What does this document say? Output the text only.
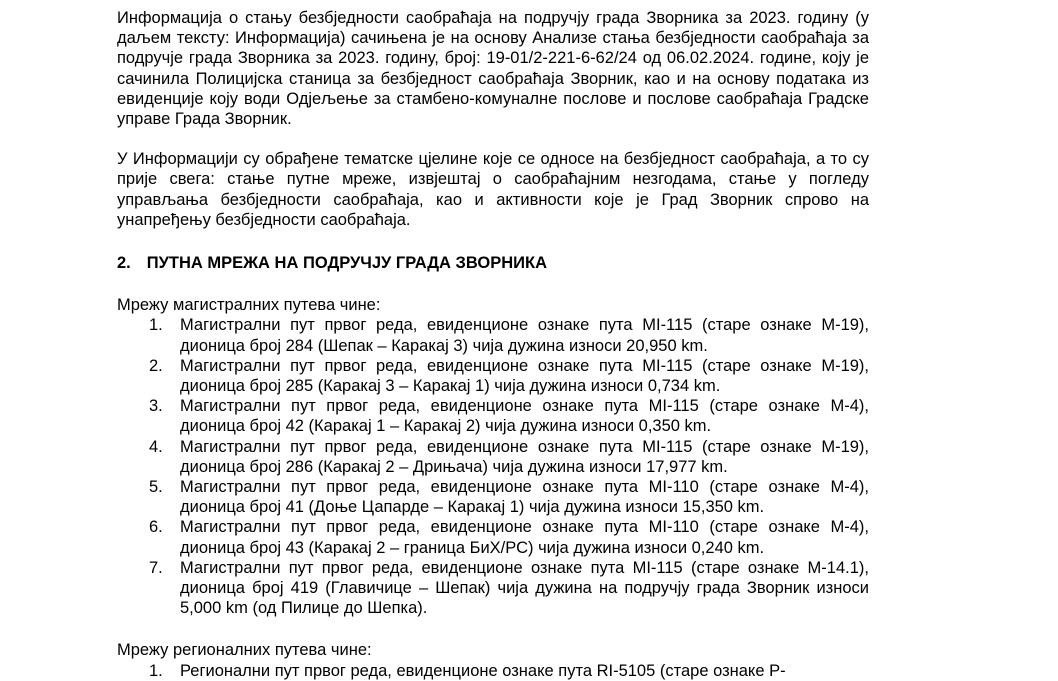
Информација о стању безбједности саобраћаја на подручју града Зворника за 2023. годину (у даљем тексту: Информација) сачињена је на основу Анализе стања безбједности саобраћаја за подручје града Зворника за 2023. годину, број: 19-01/2-221-6-62/24 од 06.02.2024. године, коју је сачинила Полицијска станица за безбједност саобраћаја Зворник, као и на основу података из евиденције коју води Одјељење за стамбено-комуналне послове и послове саобраћаја Градске управе Града Зворник.

У Информацији су обрађене тематске цјелине које се односе на безбједност саобраћаја, а то су прије свега: стање путне мреже, извјештај о саобраћајним незгодама, стање у погледу управљања безбједности саобраћаја, као и активности које је Град Зворник спрово на унапређењу безбједности саобраћаја.

2. ПУТНА МРЕЖА НА ПОДРУЧЈУ ГРАДА ЗВОРНИКА

Мрежу магистралних путева чине:

1.	Магистрални пут првог реда, евиденционе ознаке пута MI-115 (старе ознаке М-19), дионица број 284 (Шепак – Каракај 3) чија дужина износи 20,950 km.
2.	Магистрални пут првог реда, евиденционе ознаке пута MI-115 (старе ознаке М-19), дионица број 285 (Каракај 3 – Каракај 1) чија дужина износи 0,734 km.
3.	Магистрални пут првог реда, евиденционе ознаке пута MI-115 (старе ознаке М-4), дионица број 42 (Каракај 1 – Каракај 2) чија дужина износи 0,350 km.
4.	Магистрални пут првог реда, евиденционе ознаке пута MI-115 (старе ознаке М-19), дионица број 286 (Каракај 2 – Дрињача) чија дужина износи 17,977 km.
5.	Магистрални пут првог реда, евиденционе ознаке пута MI-110 (старе ознаке М-4), дионица број 41 (Доње Цапарде – Каракај 1) чија дужина износи 15,350 km.
6.	Магистрални пут првог реда, евиденционе ознаке пута MI-110 (старе ознаке М-4), дионица број 43 (Каракај 2 – граница БиХ/РС) чија дужина износи 0,240 km.
7.	Магистрални пут првог реда, евиденционе ознаке пута MI-115 (старе ознаке М-14.1), дионица број 419 (Главичице – Шепак) чија дужина на подручју града Зворник износи 5,000 km (од Пилице до Шепка).

Мрежу регионалних путева чине:

1.	Регионални пут првог реда, евиденционе ознаке пута RI-5105 (старе ознаке Р-
